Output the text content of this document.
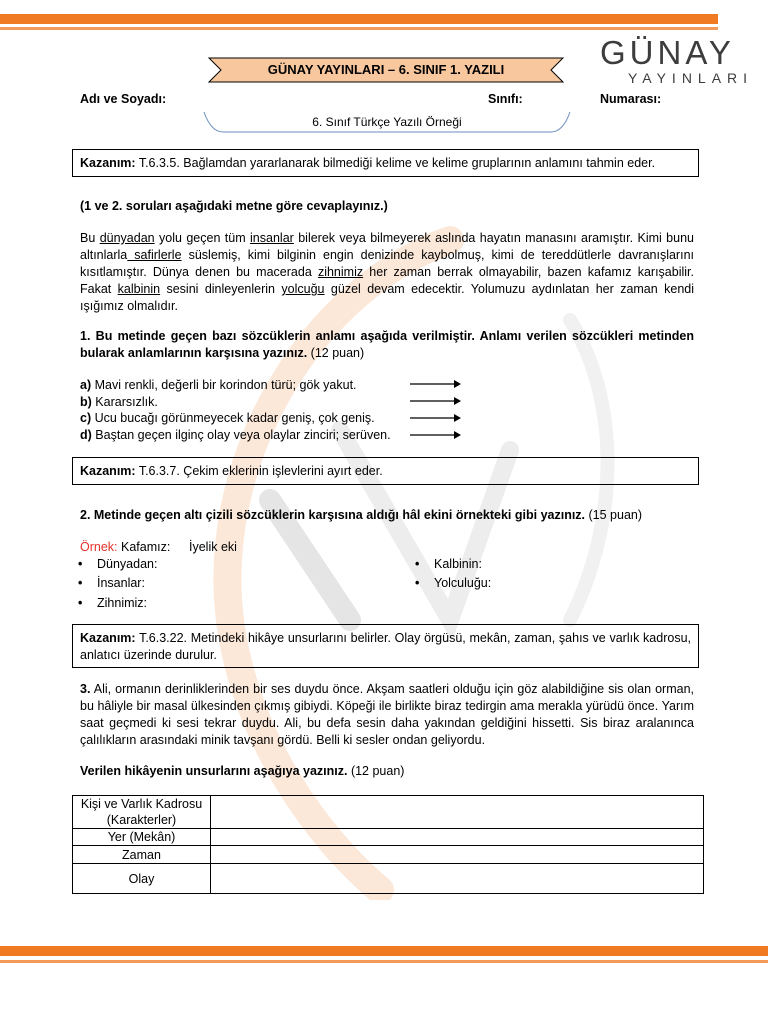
GÜNAY
YAYINLARI
GÜNAY YAYINLARI – 6. SINIF 1. YAZILI
Adı ve Soyadı:	Sınıfı:	Numarası:
6. Sınıf Türkçe Yazılı Örneği
Kazanım: T.6.3.5. Bağlamdan yararlanarak bilmediği kelime ve kelime gruplarının anlamını tahmin eder.
(1 ve 2. soruları aşağıdaki metne göre cevaplayınız.)
Bu dünyadan yolu geçen tüm insanlar bilerek veya bilmeyerek aslında hayatın manasını aramıştır. Kimi bunu altınlarla safirlerle süslemiş, kimi bilginin engin denizinde kaybolmuş, kimi de tereddütlerle davranışlarını kısıtlamıştır. Dünya denen bu macerada zihnimiz her zaman berrak olmayabilir, bazen kafamız karışabilir. Fakat kalbinin sesini dinleyenlerin yolcuğu güzel devam edecektir. Yolumuzu aydınlatan her zaman kendi ışığımız olmalıdır.
1. Bu metinde geçen bazı sözcüklerin anlamı aşağıda verilmiştir. Anlamı verilen sözcükleri metinden bularak anlamlarının karşısına yazınız. (12 puan)
a) Mavi renkli, değerli bir korindon türü; gök yakut.
b) Kararsızlık.
c) Ucu bucağı görünmeyecek kadar geniş, çok geniş.
d) Baştan geçen ilginç olay veya olaylar zinciri; serüven.
Kazanım: T.6.3.7. Çekim eklerinin işlevlerini ayırt eder.
2. Metinde geçen altı çizili sözcüklerin karşısına aldığı hâl ekini örnekteki gibi yazınız. (15 puan)
Örnek: Kafamız: İyelik eki
• Dünyadan:
• İnsanlar:
• Zihnimiz:
• Kalbinin:
• Yolculuğu:
Kazanım: T.6.3.22. Metindeki hikâye unsurlarını belirler. Olay örgüsü, mekân, zaman, şahıs ve varlık kadrosu, anlatıcı üzerinde durulur.
3. Ali, ormanın derinliklerinden bir ses duydu önce. Akşam saatleri olduğu için göz alabildiğine sis olan orman, bu hâliyle bir masal ülkesinden çıkmış gibiydi. Köpeği ile birlikte biraz tedirgin ama merakla yürüdü önce. Yarım saat geçmedi ki sesi tekrar duydu. Ali, bu defa sesin daha yakından geldiğini hissetti. Sis biraz aralanınca çalılıkların arasındaki minik tavşanı gördü. Belli ki sesler ondan geliyordu.
Verilen hikâyenin unsurlarını aşağıya yazınız. (12 puan)
Kişi ve Varlık Kadrosu
(Karakterler)	
Yer (Mekân)	
Zaman	
Olay	
